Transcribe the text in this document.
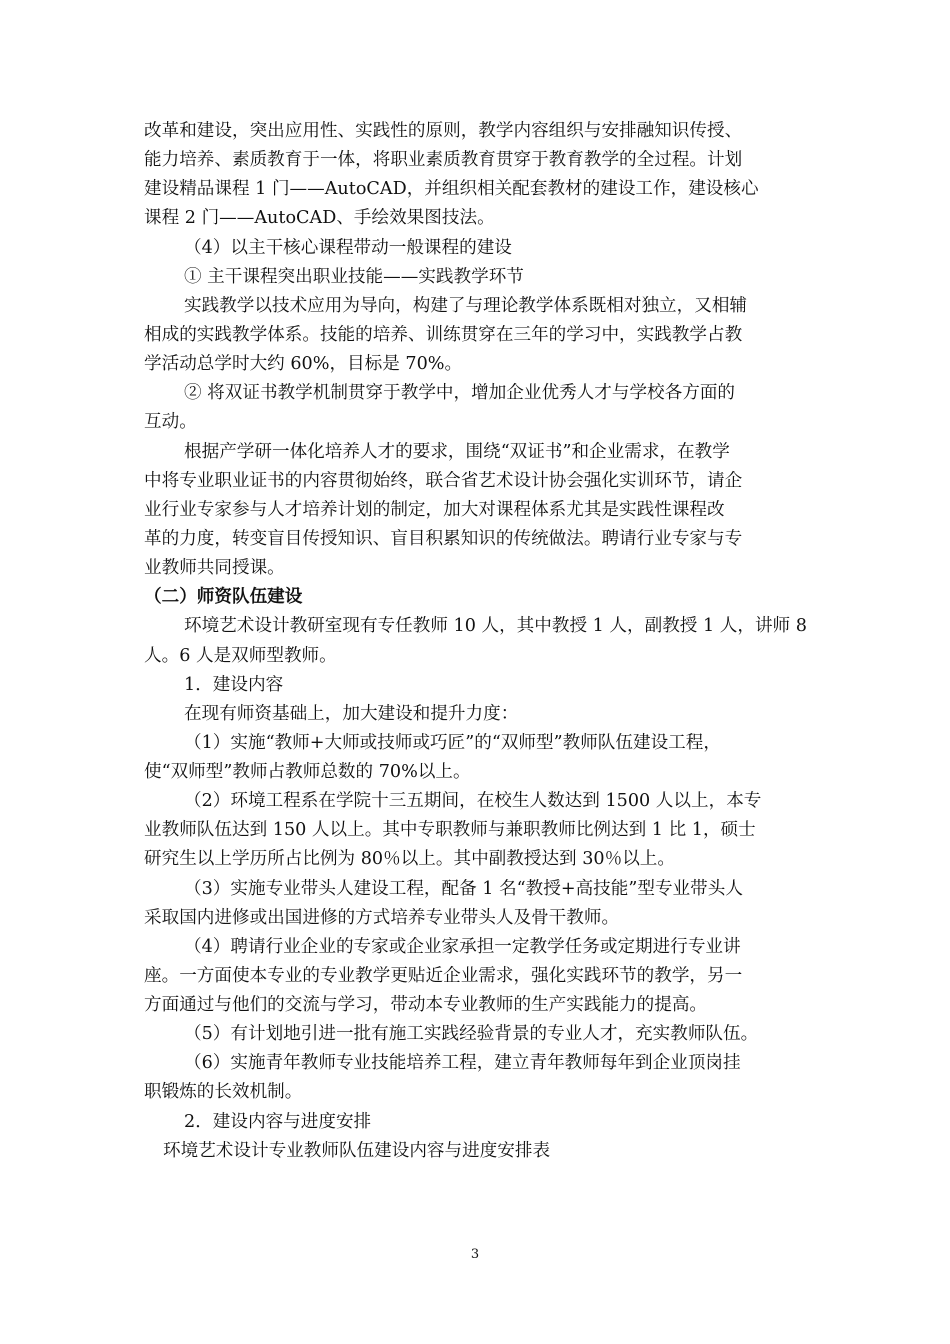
改革和建设，突出应用性、实践性的原则，教学内容组织与安排融知识传授、
能力培养、素质教育于一体，将职业素质教育贯穿于教育教学的全过程。计划
建设精品课程 1 门——AutoCAD，并组织相关配套教材的建设工作，建设核心
课程 2 门——AutoCAD、手绘效果图技法。
（4）以主干核心课程带动一般课程的建设
① 主干课程突出职业技能——实践教学环节
实践教学以技术应用为导向，构建了与理论教学体系既相对独立，又相辅
相成的实践教学体系。技能的培养、训练贯穿在三年的学习中，实践教学占教
学活动总学时大约 60%，目标是 70%。
② 将双证书教学机制贯穿于教学中，增加企业优秀人才与学校各方面的
互动。
根据产学研一体化培养人才的要求，围绕“双证书”和企业需求，在教学
中将专业职业证书的内容贯彻始终，联合省艺术设计协会强化实训环节，请企
业行业专家参与人才培养计划的制定，加大对课程体系尤其是实践性课程改
革的力度，转变盲目传授知识、盲目积累知识的传统做法。聘请行业专家与专
业教师共同授课。
（二）师资队伍建设
环境艺术设计教研室现有专任教师 10 人，其中教授 1 人，副教授 1 人，讲师 8
人。6 人是双师型教师。
1．建设内容
在现有师资基础上，加大建设和提升力度：
（1）实施“教师+大师或技师或巧匠”的“双师型”教师队伍建设工程，
使“双师型”教师占教师总数的 70%以上。
（2）环境工程系在学院十三五期间，在校生人数达到 1500 人以上，本专
业教师队伍达到 150 人以上。其中专职教师与兼职教师比例达到 1 比 1，硕士
研究生以上学历所占比例为 80％以上。其中副教授达到 30％以上。
（3）实施专业带头人建设工程，配备 1 名“教授+高技能”型专业带头人
采取国内进修或出国进修的方式培养专业带头人及骨干教师。
（4）聘请行业企业的专家或企业家承担一定教学任务或定期进行专业讲
座。一方面使本专业的专业教学更贴近企业需求，强化实践环节的教学，另一
方面通过与他们的交流与学习，带动本专业教师的生产实践能力的提高。
（5）有计划地引进一批有施工实践经验背景的专业人才，充实教师队伍。
（6）实施青年教师专业技能培养工程，建立青年教师每年到企业顶岗挂
职锻炼的长效机制。
2．建设内容与进度安排
环境艺术设计专业教师队伍建设内容与进度安排表
3
